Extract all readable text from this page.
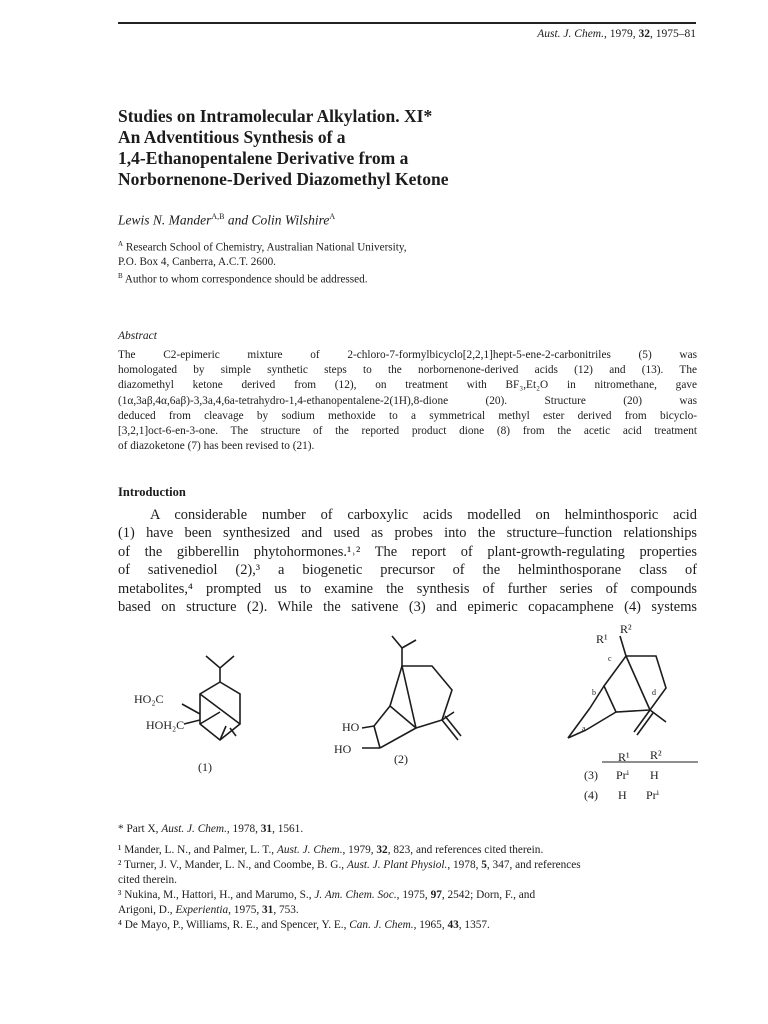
Aust. J. Chem., 1979, 32, 1975–81
Studies on Intramolecular Alkylation. XI*
An Adventitious Synthesis of a
1,4-Ethanopentalene Derivative from a
Norbornenone-Derived Diazomethyl Ketone
Lewis N. Mander$^{A,B}$ and Colin Wilshire$^A$
$^A$ Research School of Chemistry, Australian National University,
P.O. Box 4, Canberra, A.C.T. 2600.
$^B$ Author to whom correspondence should be addressed.
Abstract
The C2-epimeric mixture of 2-chloro-7-formylbicyclo[2,2,1]hept-5-ene-2-carbonitriles (5) was
homologated by simple synthetic steps to the norbornenone-derived acids (12) and (13). The
diazomethyl ketone derived from (12), on treatment with BF₃,Et₂O in nitromethane, gave
(1α,3aβ,4α,6aβ)-3,3a,4,6a-tetrahydro-1,4-ethanopentalene-2(1H),8-dione (20). Structure (20) was
deduced from cleavage by sodium methoxide to a symmetrical methyl ester derived from bicyclo-
[3,2,1]oct-6-en-3-one. The structure of the reported product dione (8) from the acetic acid treatment
of diazoketone (7) has been revised to (21).
Introduction
A considerable number of carboxylic acids modelled on helminthosporic acid
(1) have been synthesized and used as probes into the structure–function relationships
of the gibberellin phytohormones.¹˒² The report of plant-growth-regulating properties
of sativenediol (2),³ a biogenetic precursor of the helminthosporane class of
metabolites,⁴ prompted us to examine the synthesis of further series of compounds
based on structure (2). While the sativene (3) and epimeric copacamphene (4) systems
HO₂C
HOH₂C
(1)
HO
HO
(2)
R¹
R²
c
b	d
a
R¹ R²
(3) Prⁱ H
(4) H Prⁱ
* Part X, Aust. J. Chem., 1978, 31, 1561.
¹ Mander, L. N., and Palmer, L. T., Aust. J. Chem., 1979, 32, 823, and references cited therein.
² Turner, J. V., Mander, L. N., and Coombe, B. G., Aust. J. Plant Physiol., 1978, 5, 347, and references
cited therein.
³ Nukina, M., Hattori, H., and Marumo, S., J. Am. Chem. Soc., 1975, 97, 2542; Dorn, F., and
Arigoni, D., Experientia, 1975, 31, 753.
⁴ De Mayo, P., Williams, R. E., and Spencer, Y. E., Can. J. Chem., 1965, 43, 1357.
